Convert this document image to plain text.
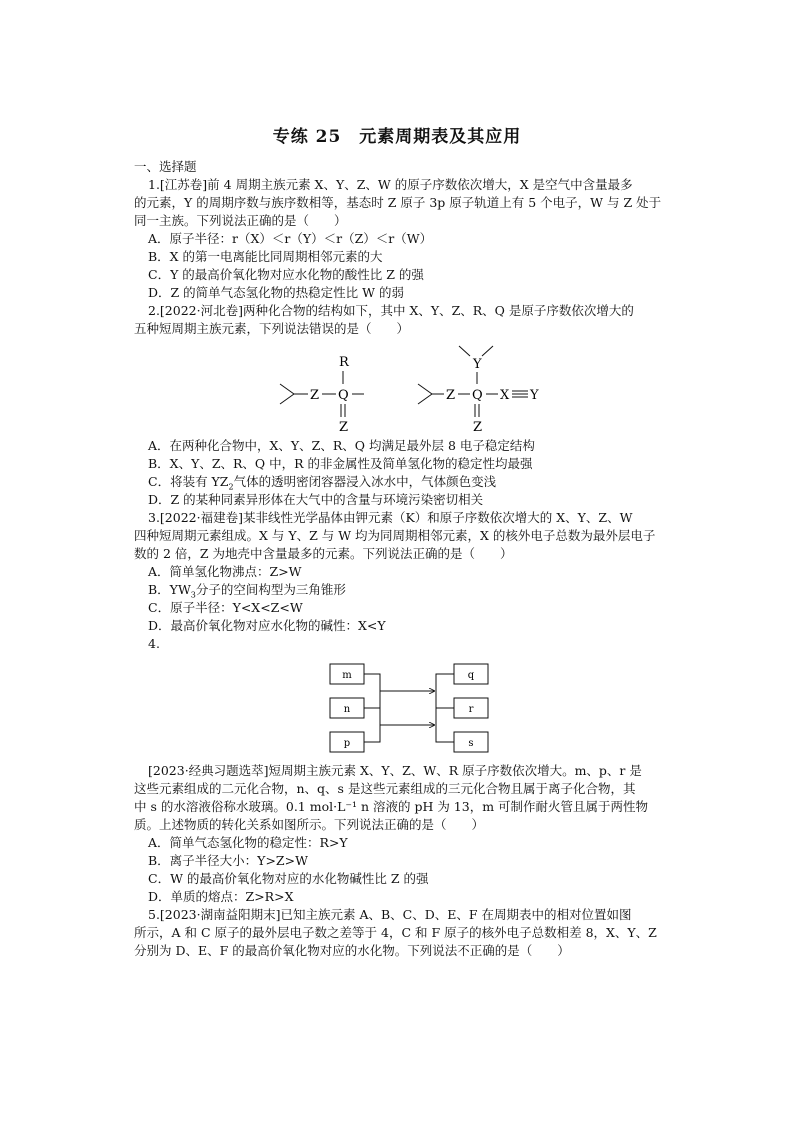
专练 25　元素周期表及其应用
一、选择题
1.[江苏卷]前 4 周期主族元素 X、Y、Z、W 的原子序数依次增大，X 是空气中含量最多
的元素，Y 的周期序数与族序数相等，基态时 Z 原子 3p 原子轨道上有 5 个电子，W 与 Z 处于
同一主族。下列说法正确的是（　　）
A．原子半径：r（X）＜r（Y）＜r（Z）＜r（W）
B．X 的第一电离能比同周期相邻元素的大
C．Y 的最高价氧化物对应水化物的酸性比 Z 的强
D．Z 的简单气态氢化物的热稳定性比 W 的弱
2.[2022·河北卷]两种化合物的结构如下，其中 X、Y、Z、R、Q 是原子序数依次增大的
五种短周期主族元素，下列说法错误的是（　　）
Z Q
R
Z
Z Q X Y
Y
Z
A．在两种化合物中，X、Y、Z、R、Q 均满足最外层 8 电子稳定结构
B．X、Y、Z、R、Q 中，R 的非金属性及简单氢化物的稳定性均最强
C．将装有 $YZ_2$气体的透明密闭容器浸入冰水中，气体颜色变浅
D．Z 的某种同素异形体在大气中的含量与环境污染密切相关
3.[2022·福建卷]某非线性光学晶体由钾元素（K）和原子序数依次增大的 X、Y、Z、W
四种短周期元素组成。X 与 Y、Z 与 W 均为同周期相邻元素，X 的核外电子总数为最外层电子
数的 2 倍，Z 为地壳中含量最多的元素。下列说法正确的是（　　）
A．简单氢化物沸点：Z>W
B．$YW_3$分子的空间构型为三角锥形
C．原子半径：Y<X<Z<W
D．最高价氧化物对应水化物的碱性：X<Y
4.
m
n
p
q
r
s
[2023·经典习题选萃]短周期主族元素 X、Y、Z、W、R 原子序数依次增大。m、p、r 是
这些元素组成的二元化合物，n、q、s 是这些元素组成的三元化合物且属于离子化合物，其
中 s 的水溶液俗称水玻璃。0.1 mol·L⁻¹ n 溶液的 pH 为 13，m 可制作耐火管且属于两性物
质。上述物质的转化关系如图所示。下列说法正确的是（　　）
A．简单气态氢化物的稳定性：R>Y
B．离子半径大小：Y>Z>W
C．W 的最高价氧化物对应的水化物碱性比 Z 的强
D．单质的熔点：Z>R>X
5.[2023·湖南益阳期末]已知主族元素 A、B、C、D、E、F 在周期表中的相对位置如图
所示，A 和 C 原子的最外层电子数之差等于 4，C 和 F 原子的核外电子总数相差 8，X、Y、Z
分别为 D、E、F 的最高价氧化物对应的水化物。下列说法不正确的是（　　）
